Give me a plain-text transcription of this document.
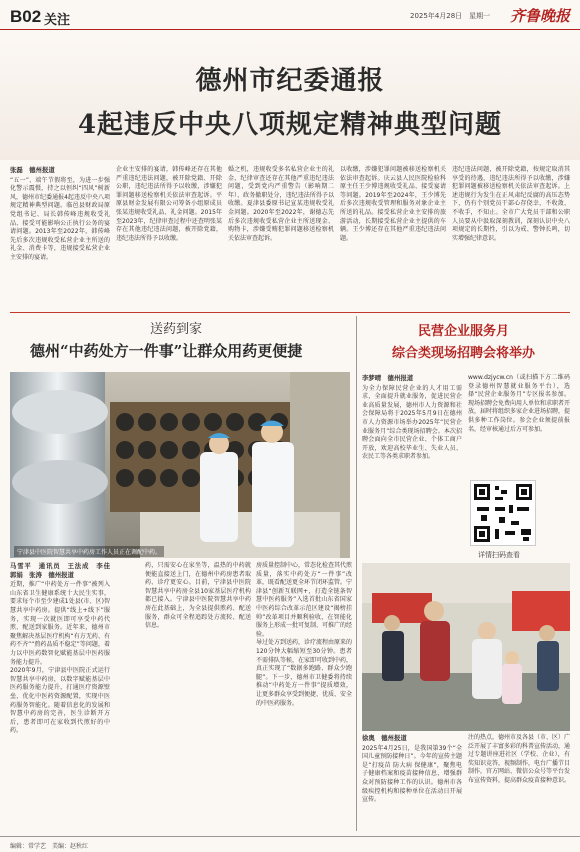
B02 关注	2025年4月28日　星期一 齐鲁晚报
德州市纪委通报
4起违反中央八项规定精神典型问题
张磊　德州报道
“五一”、端午节假将至，为进一步强化警示震慑，持之以恒纠“四风”树新风，德州市纪委通报4起违反中央八项规定精神典型问题。临邑县财政局原党组书记、局长韩传峰违规收受礼品、接受可能影响公正执行公务的宴请问题。2013年至2022年，韩传峰先后多次违规收受私营企业主所送的礼金、消费卡等，违规接受私营企业主安排的宴请。
企业主安排的宴请，韩传峰还存在其他严重违纪违法问题，被开除党籍、开除公职，违纪违法所得予以收缴，涉嫌犯罪问题移送检察机关依法审查起诉。平原县财金发展有限公司筹备小组原成员张某违规收受礼品、礼金问题。2015年至2023年，纪律审查过程中还查明张某存在其他违纪违法问题，被开除党籍，违纪违法所得予以收缴。
婚之机，违规收受多名私营企业主的礼金，纪律审查还存在其他严重违纪违法问题，受到党内严重警告（影响期二年）、政务撤职处分，违纪违法所得予以收缴。夏津县委原书记宣某违规收受礼金问题。2020年至2022年，谢德志先后多次违规收受私营企业主所送现金、购物卡，涉嫌受贿犯罪问题移送检察机关依法审查起诉。
以收缴，涉嫌犯罪问题被移送检察机关依法审查起诉。庆云县人民医院检验科原主任王少博违规收受礼品、接受宴请等问题。2019年至2024年，王少博先后多次违规收受管理和服务对象企业主所送的礼品。接受私营企业主安排的旅游活动，长期接受私营企业主提供的车辆。王少博还存在其他严重违纪违法问题。
违纪违法问题，被开除党籍，按规定取消其享受的待遇，违纪违法所得予以收缴，涉嫌犯罪问题被移送检察机关依法审查起诉。上述违规行为发生在正风肃纪反腐的高压态势下，仍有个别党员干部心存侥幸，不收敛、不收手，不知止。全市广大党员干部和公职人员要从中汲取深刻教训，深刻认识中央八项规定的长期性，引以为戒、警钟长鸣，切实增强纪律意识。
送药到家
德州“中药处方一件事”让群众用药更便捷
民营企业服务月
综合类现场招聘会将举办
马雪平　通讯员　王法成　李佳　郭娟　张涛　德州报道
近期，推广“中药处方一件事”被列入山东省卫生健康系统十大民生实事，要求每个市至少建成1处县(市、区)智慧共享中药房。提供“线上+线下”服务，实现一次就医即可享受中药代煎、配送到家服务。近年来，德州市聚焦解决基层医疗机构“有方无药、有药不齐”“煎药品质不稳定”等问题，着力以中医药数智化赋能基层中医药服务能力提升。
2020年9月，宁津县中医院正式运行智慧共享中药房，以数字赋能基层中医药服务能力提升，打通医疗资源壁垒，优化中医药资源配置，实现中医药服务智能化。随着信息化的发展和智慧中药房的完善，医生诊断开方后，患者即可在家收到代煎好的中药。
药，只需安心在家坐等，温热的中药就便能直接送上门，在德州中药房患者取药、诊疗更安心。目前，宁津县中医院智慧共享中药房全县10家基层医疗机构都已接入。宁津县中医院智慧共享中药房在此基础上，为全县提供煎药、配送服务，群众可全程追踪处方流转、配送信息。
房质量控制中心，常态化检查其代煎质量，落实中药处方“一件事”改革，既看配送更全环节闭环监管。宁津县“创新互联网+，打造全链条智慧中医药服务”入选首批山东省国家中医药综合改革示范区建设“揭榜挂帅”改革项目并顺利验收，在智能化服务上形成一批可复制、可推广的经验。
导过处方到送药，诊疗流程由原来的120分钟大幅缩短至30分钟。患者不需排队等候，在家即可收到中药，真正实现了“数据多跑路、群众少跑腿”。下一步，德州市卫健委将持续推动“中药处方一件事”提质增效，让更多群众享受到便捷、优质、安全的中医药服务。
李梦晴　德州报道
为全力保障民营企业的人才用工需求，全面提升就业服务，促进民营企业高质量发展，德州市人力资源和社会保障局将于2025年5月9日在德州市人力资源市场举办2025年“民营企业服务月”综合类现场招聘会。本次招聘会面向全市民营企业、个体工商户开放，欢迎高校毕业生、失业人员、农民工等各类求职者参加。
www.dzjycw.cn（或扫描下方二维码登录德州智慧就业服务平台），选择“民营企业服务月”专区报名参加。现场招聘会免费向用人单位和求职者开放，届时将组织多家企业进场招聘，提供多种工作岗位。参会企业须提前报名，经审核通过后方可参加。
详情扫码查看
徐奥　德州报道
2025年4月25日，是我国第39个“全国儿童预防接种日”。今年的宣传主题是“打疫苗 防大病 保健康”，聚焦电子健康档案和疫苗接种信息，增强群众对预防接种工作的认识。德州市各级疾控机构和接种单位在活动日开展宣传。
注的热点，德州市及各县（市、区）广泛开展了丰富多彩的科普宣传活动，通过专题讲座进社区（学校、企业），有奖知识竞答，视频制作，电台广播节目制作，官方网站、微信公众号等平台发布宣传资料，提高群众疫苗接种意识。
编辑：常学艺　美编：赵秋红
宁津县中医院智慧共享中药房工作人员正在调配中药。
